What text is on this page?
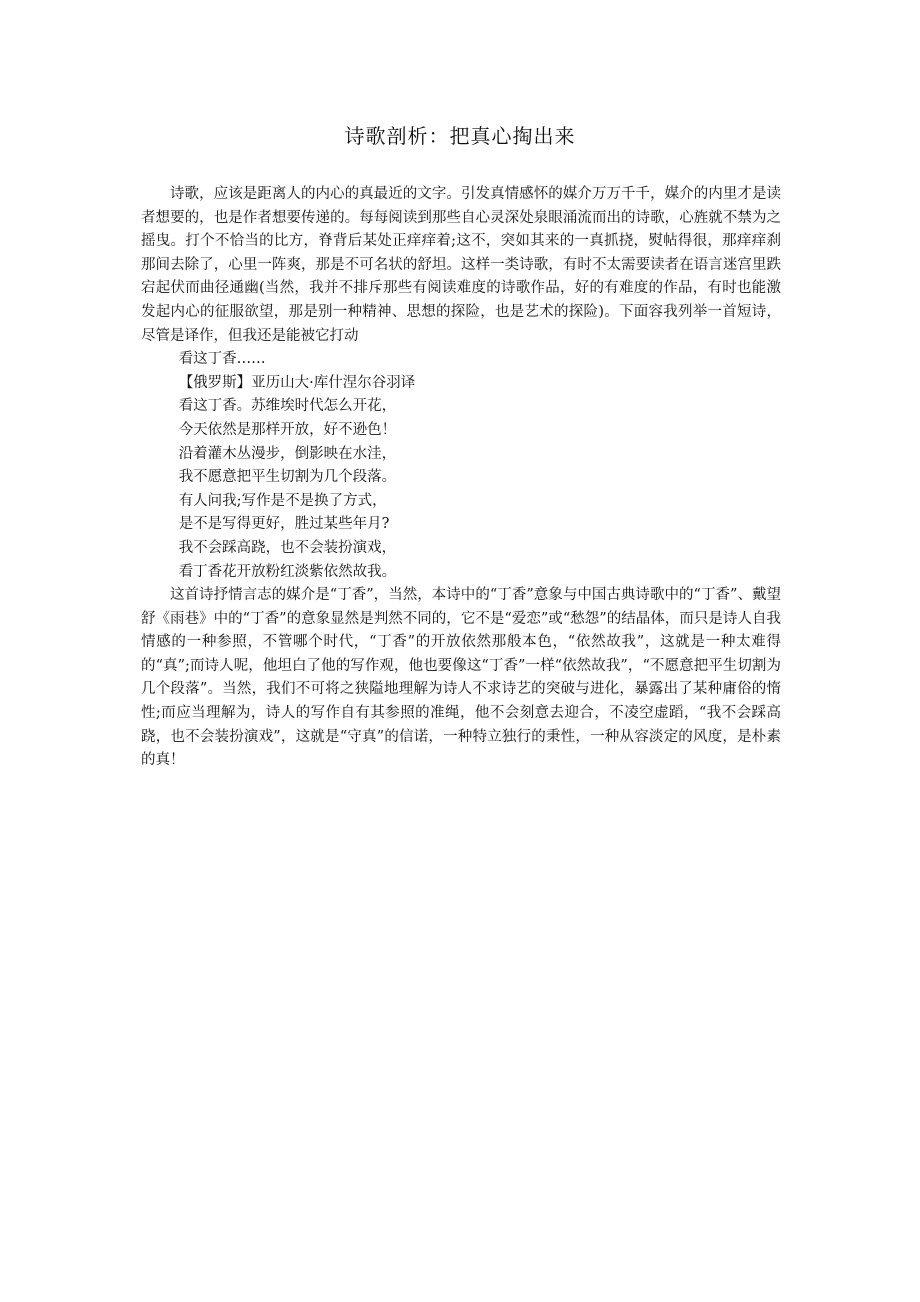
诗歌剖析：把真心掏出来

诗歌，应该是距离人的内心的真最近的文字。引发真情感怀的媒介万万千千，媒介的内里才是读者想要的，也是作者想要传递的。每每阅读到那些自心灵深处泉眼涌流而出的诗歌，心旌就不禁为之摇曳。打个不恰当的比方，脊背后某处正痒痒着;这不，突如其来的一真抓挠，熨帖得很，那痒痒刹那间去除了，心里一阵爽，那是不可名状的舒坦。这样一类诗歌，有时不太需要读者在语言迷宫里跌宕起伏而曲径通幽(当然，我并不排斥那些有阅读难度的诗歌作品，好的有难度的作品，有时也能激发起内心的征服欲望，那是别一种精神、思想的探险，也是艺术的探险)。下面容我列举一首短诗，尽管是译作，但我还是能被它打动

看这丁香……

【俄罗斯】亚历山大·库什涅尔谷羽译

看这丁香。苏维埃时代怎么开花，

今天依然是那样开放，好不逊色！

沿着灌木丛漫步，倒影映在水洼，

我不愿意把平生切割为几个段落。

有人问我;写作是不是换了方式，

是不是写得更好，胜过某些年月?

我不会踩高跷，也不会装扮演戏，

看丁香花开放粉红淡紫依然故我。

这首诗抒情言志的媒介是“丁香”，当然，本诗中的“丁香”意象与中国古典诗歌中的“丁香”、戴望舒《雨巷》中的“丁香”的意象显然是判然不同的，它不是“爱恋”或“愁怨”的结晶体，而只是诗人自我情感的一种参照，不管哪个时代，“丁香”的开放依然那般本色，“依然故我”，这就是一种太难得的“真”;而诗人呢，他坦白了他的写作观，他也要像这“丁香”一样“依然故我”，“不愿意把平生切割为几个段落”。当然，我们不可将之狭隘地理解为诗人不求诗艺的突破与进化，暴露出了某种庸俗的惰性;而应当理解为，诗人的写作自有其参照的准绳，他不会刻意去迎合，不凌空虚蹈，“我不会踩高跷，也不会装扮演戏”，这就是“守真”的信诺，一种特立独行的秉性，一种从容淡定的风度，是朴素的真！
